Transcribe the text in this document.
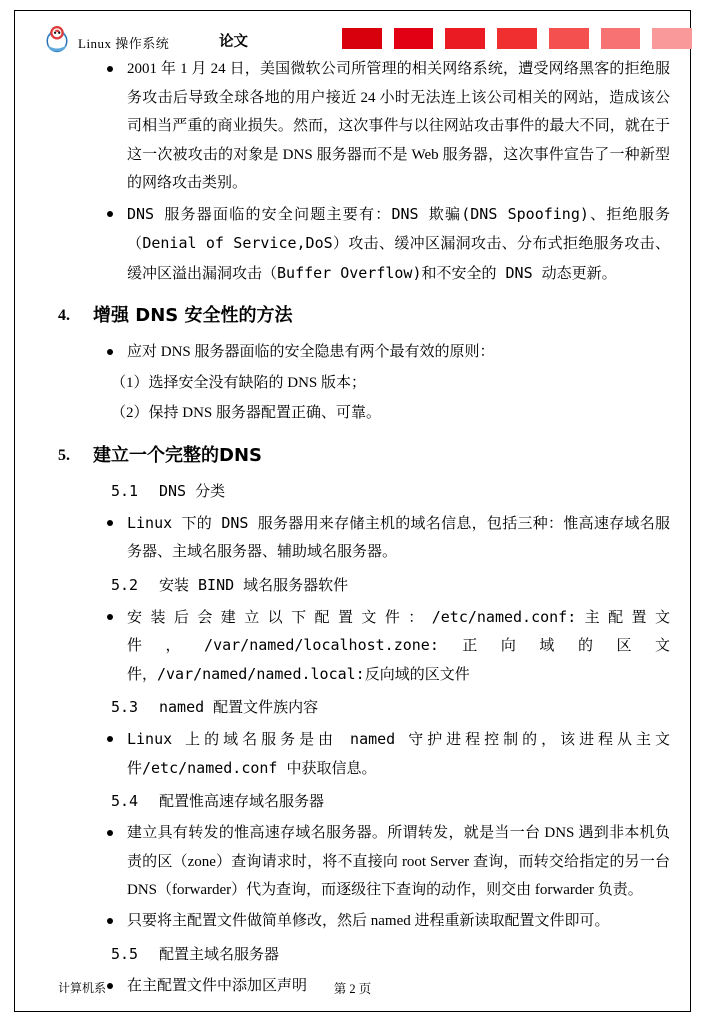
Linux 操作系统	论文

2001 年 1 月 24 日，美国微软公司所管理的相关网络系统，遭受网络黑客的拒绝服务攻击后导致全球各地的用户接近 24 小时无法连上该公司相关的网站，造成该公司相当严重的商业损失。然而，这次事件与以往网站攻击事件的最大不同，就在于这一次被攻击的对象是 DNS 服务器而不是 Web 服务器，这次事件宣告了一种新型的网络攻击类别。

DNS 服务器面临的安全问题主要有：DNS 欺骗(DNS Spoofing)、拒绝服务（Denial of Service,DoS）攻击、缓冲区漏洞攻击、分布式拒绝服务攻击、缓冲区溢出漏洞攻击（Buffer Overflow)和不安全的 DNS 动态更新。

4. 增强 DNS 安全性的方法

应对 DNS 服务器面临的安全隐患有两个最有效的原则：

（1）选择安全没有缺陷的 DNS 版本；

（2）保持 DNS 服务器配置正确、可靠。

5. 建立一个完整的DNS
5.1 DNS 分类

Linux 下的 DNS 服务器用来存储主机的域名信息，包括三种：惟高速存域名服务器、主域名服务器、辅助域名服务器。

5.2 安装 BIND 域名服务器软件

安装后会建立以下配置文件：/etc/named.conf:主配置文件，/var/named/localhost.zone:正向域的区文件，/var/named/named.local:反向域的区文件

5.3 named 配置文件族内容

Linux 上的域名服务是由 named 守护进程控制的，该进程从主文件/etc/named.conf 中获取信息。

5.4 配置惟高速存域名服务器

建立具有转发的惟高速存域名服务器。所谓转发，就是当一台 DNS 遇到非本机负责的区（zone）查询请求时，将不直接向 root Server 查询，而转交给指定的另一台 DNS（forwarder）代为查询，而逐级往下查询的动作，则交由 forwarder 负责。

只要将主配置文件做简单修改，然后 named 进程重新读取配置文件即可。

5.5 配置主域名服务器

在主配置文件中添加区声明

计算机系	第 2 页
